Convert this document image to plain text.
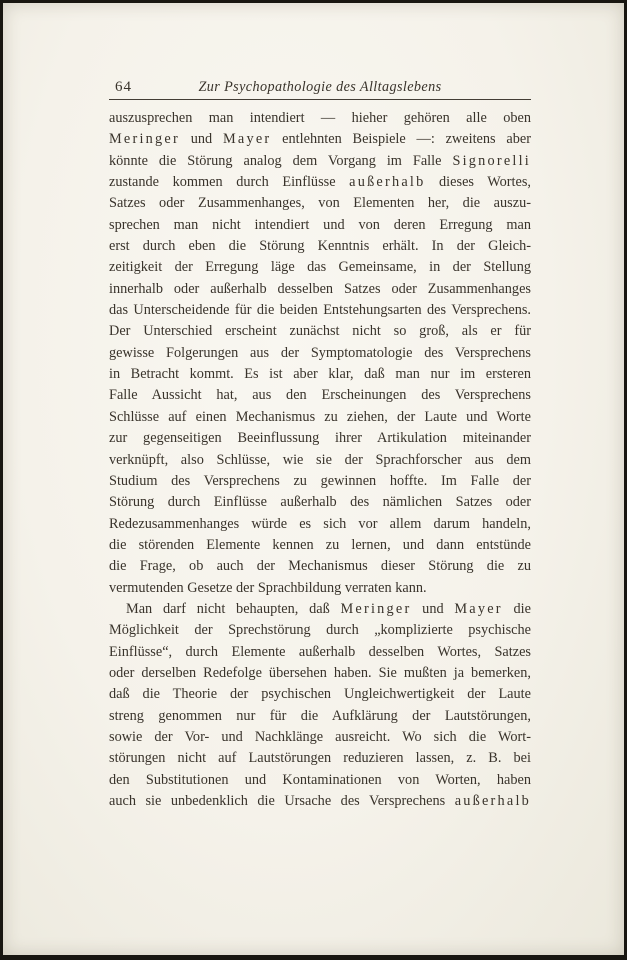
64	Zur Psychopathologie des Alltagslebens
auszusprechen man intendiert — hieher gehören alle oben
Meringer und Mayer entlehnten Beispiele —: zweitens aber
könnte die Störung analog dem Vorgang im Falle Signorelli
zustande kommen durch Einflüsse außerhalb dieses Wortes,
Satzes oder Zusammenhanges, von Elementen her, die auszu-
sprechen man nicht intendiert und von deren Erregung man
erst durch eben die Störung Kenntnis erhält. In der Gleich-
zeitigkeit der Erregung läge das Gemeinsame, in der Stellung
innerhalb oder außerhalb desselben Satzes oder Zusammenhanges
das Unterscheidende für die beiden Entstehungsarten des Versprechens.
Der Unterschied erscheint zunächst nicht so groß, als er für
gewisse Folgerungen aus der Symptomatologie des Versprechens
in Betracht kommt. Es ist aber klar, daß man nur im ersteren
Falle Aussicht hat, aus den Erscheinungen des Versprechens
Schlüsse auf einen Mechanismus zu ziehen, der Laute und Worte
zur gegenseitigen Beeinflussung ihrer Artikulation miteinander
verknüpft, also Schlüsse, wie sie der Sprachforscher aus dem
Studium des Versprechens zu gewinnen hoffte. Im Falle der
Störung durch Einflüsse außerhalb des nämlichen Satzes oder
Redezusammenhanges würde es sich vor allem darum handeln,
die störenden Elemente kennen zu lernen, und dann entstünde
die Frage, ob auch der Mechanismus dieser Störung die zu
vermutenden Gesetze der Sprachbildung verraten kann.
Man darf nicht behaupten, daß Meringer und Mayer die
Möglichkeit der Sprechstörung durch „komplizierte psychische
Einflüsse“, durch Elemente außerhalb desselben Wortes, Satzes
oder derselben Redefolge übersehen haben. Sie mußten ja bemerken,
daß die Theorie der psychischen Ungleichwertigkeit der Laute
streng genommen nur für die Aufklärung der Lautstörungen,
sowie der Vor- und Nachklänge ausreicht. Wo sich die Wort-
störungen nicht auf Lautstörungen reduzieren lassen, z. B. bei
den Substitutionen und Kontaminationen von Worten, haben
auch sie unbedenklich die Ursache des Versprechens außerhalb
